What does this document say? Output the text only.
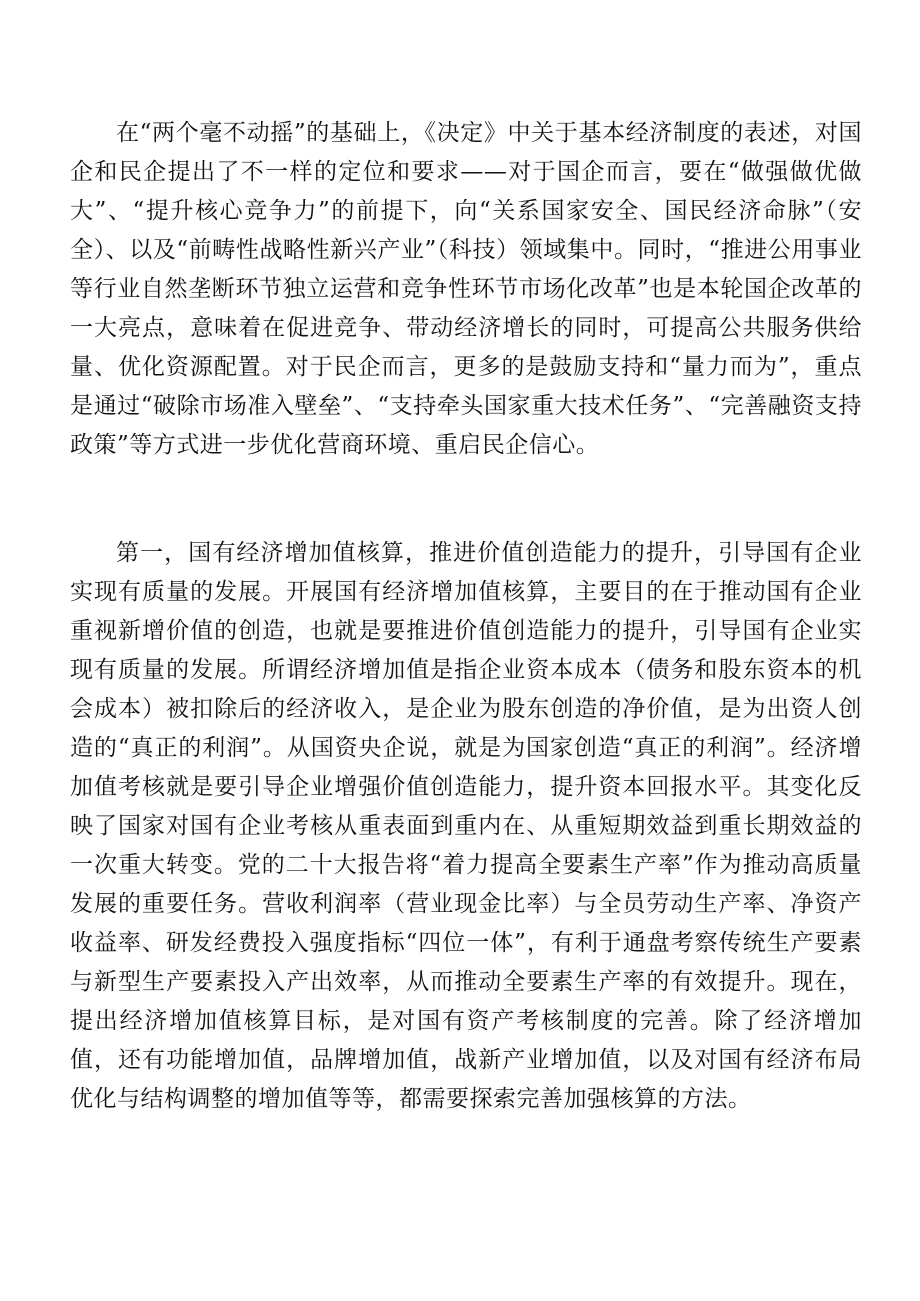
在“两个毫不动摇”的基础上，《决定》中关于基本经济制度的表述，对国企和民企提出了不一样的定位和要求——对于国企而言，要在“做强做优做大”、“提升核心竞争力”的前提下，向“关系国家安全、国民经济命脉”（安全）、以及“前畴性战略性新兴产业”（科技）领域集中。同时，“推进公用事业等行业自然垄断环节独立运营和竞争性环节市场化改革”也是本轮国企改革的一大亮点，意味着在促进竞争、带动经济增长的同时，可提高公共服务供给量、优化资源配置。对于民企而言，更多的是鼓励支持和“量力而为”，重点是通过“破除市场准入壁垒”、“支持牵头国家重大技术任务”、“完善融资支持政策”等方式进一步优化营商环境、重启民企信心。

第一，国有经济增加值核算，推进价值创造能力的提升，引导国有企业实现有质量的发展。开展国有经济增加值核算，主要目的在于推动国有企业重视新增价值的创造，也就是要推进价值创造能力的提升，引导国有企业实现有质量的发展。所谓经济增加值是指企业资本成本（债务和股东资本的机会成本）被扣除后的经济收入，是企业为股东创造的净价值，是为出资人创造的“真正的利润”。从国资央企说，就是为国家创造“真正的利润”。经济增加值考核就是要引导企业增强价值创造能力，提升资本回报水平。其变化反映了国家对国有企业考核从重表面到重内在、从重短期效益到重长期效益的一次重大转变。党的二十大报告将“着力提高全要素生产率”作为推动高质量发展的重要任务。营收利润率（营业现金比率）与全员劳动生产率、净资产收益率、研发经费投入强度指标“四位一体”，有利于通盘考察传统生产要素与新型生产要素投入产出效率，从而推动全要素生产率的有效提升。现在，提出经济增加值核算目标，是对国有资产考核制度的完善。除了经济增加值，还有功能增加值，品牌增加值，战新产业增加值，以及对国有经济布局优化与结构调整的增加值等等，都需要探索完善加强核算的方法。
